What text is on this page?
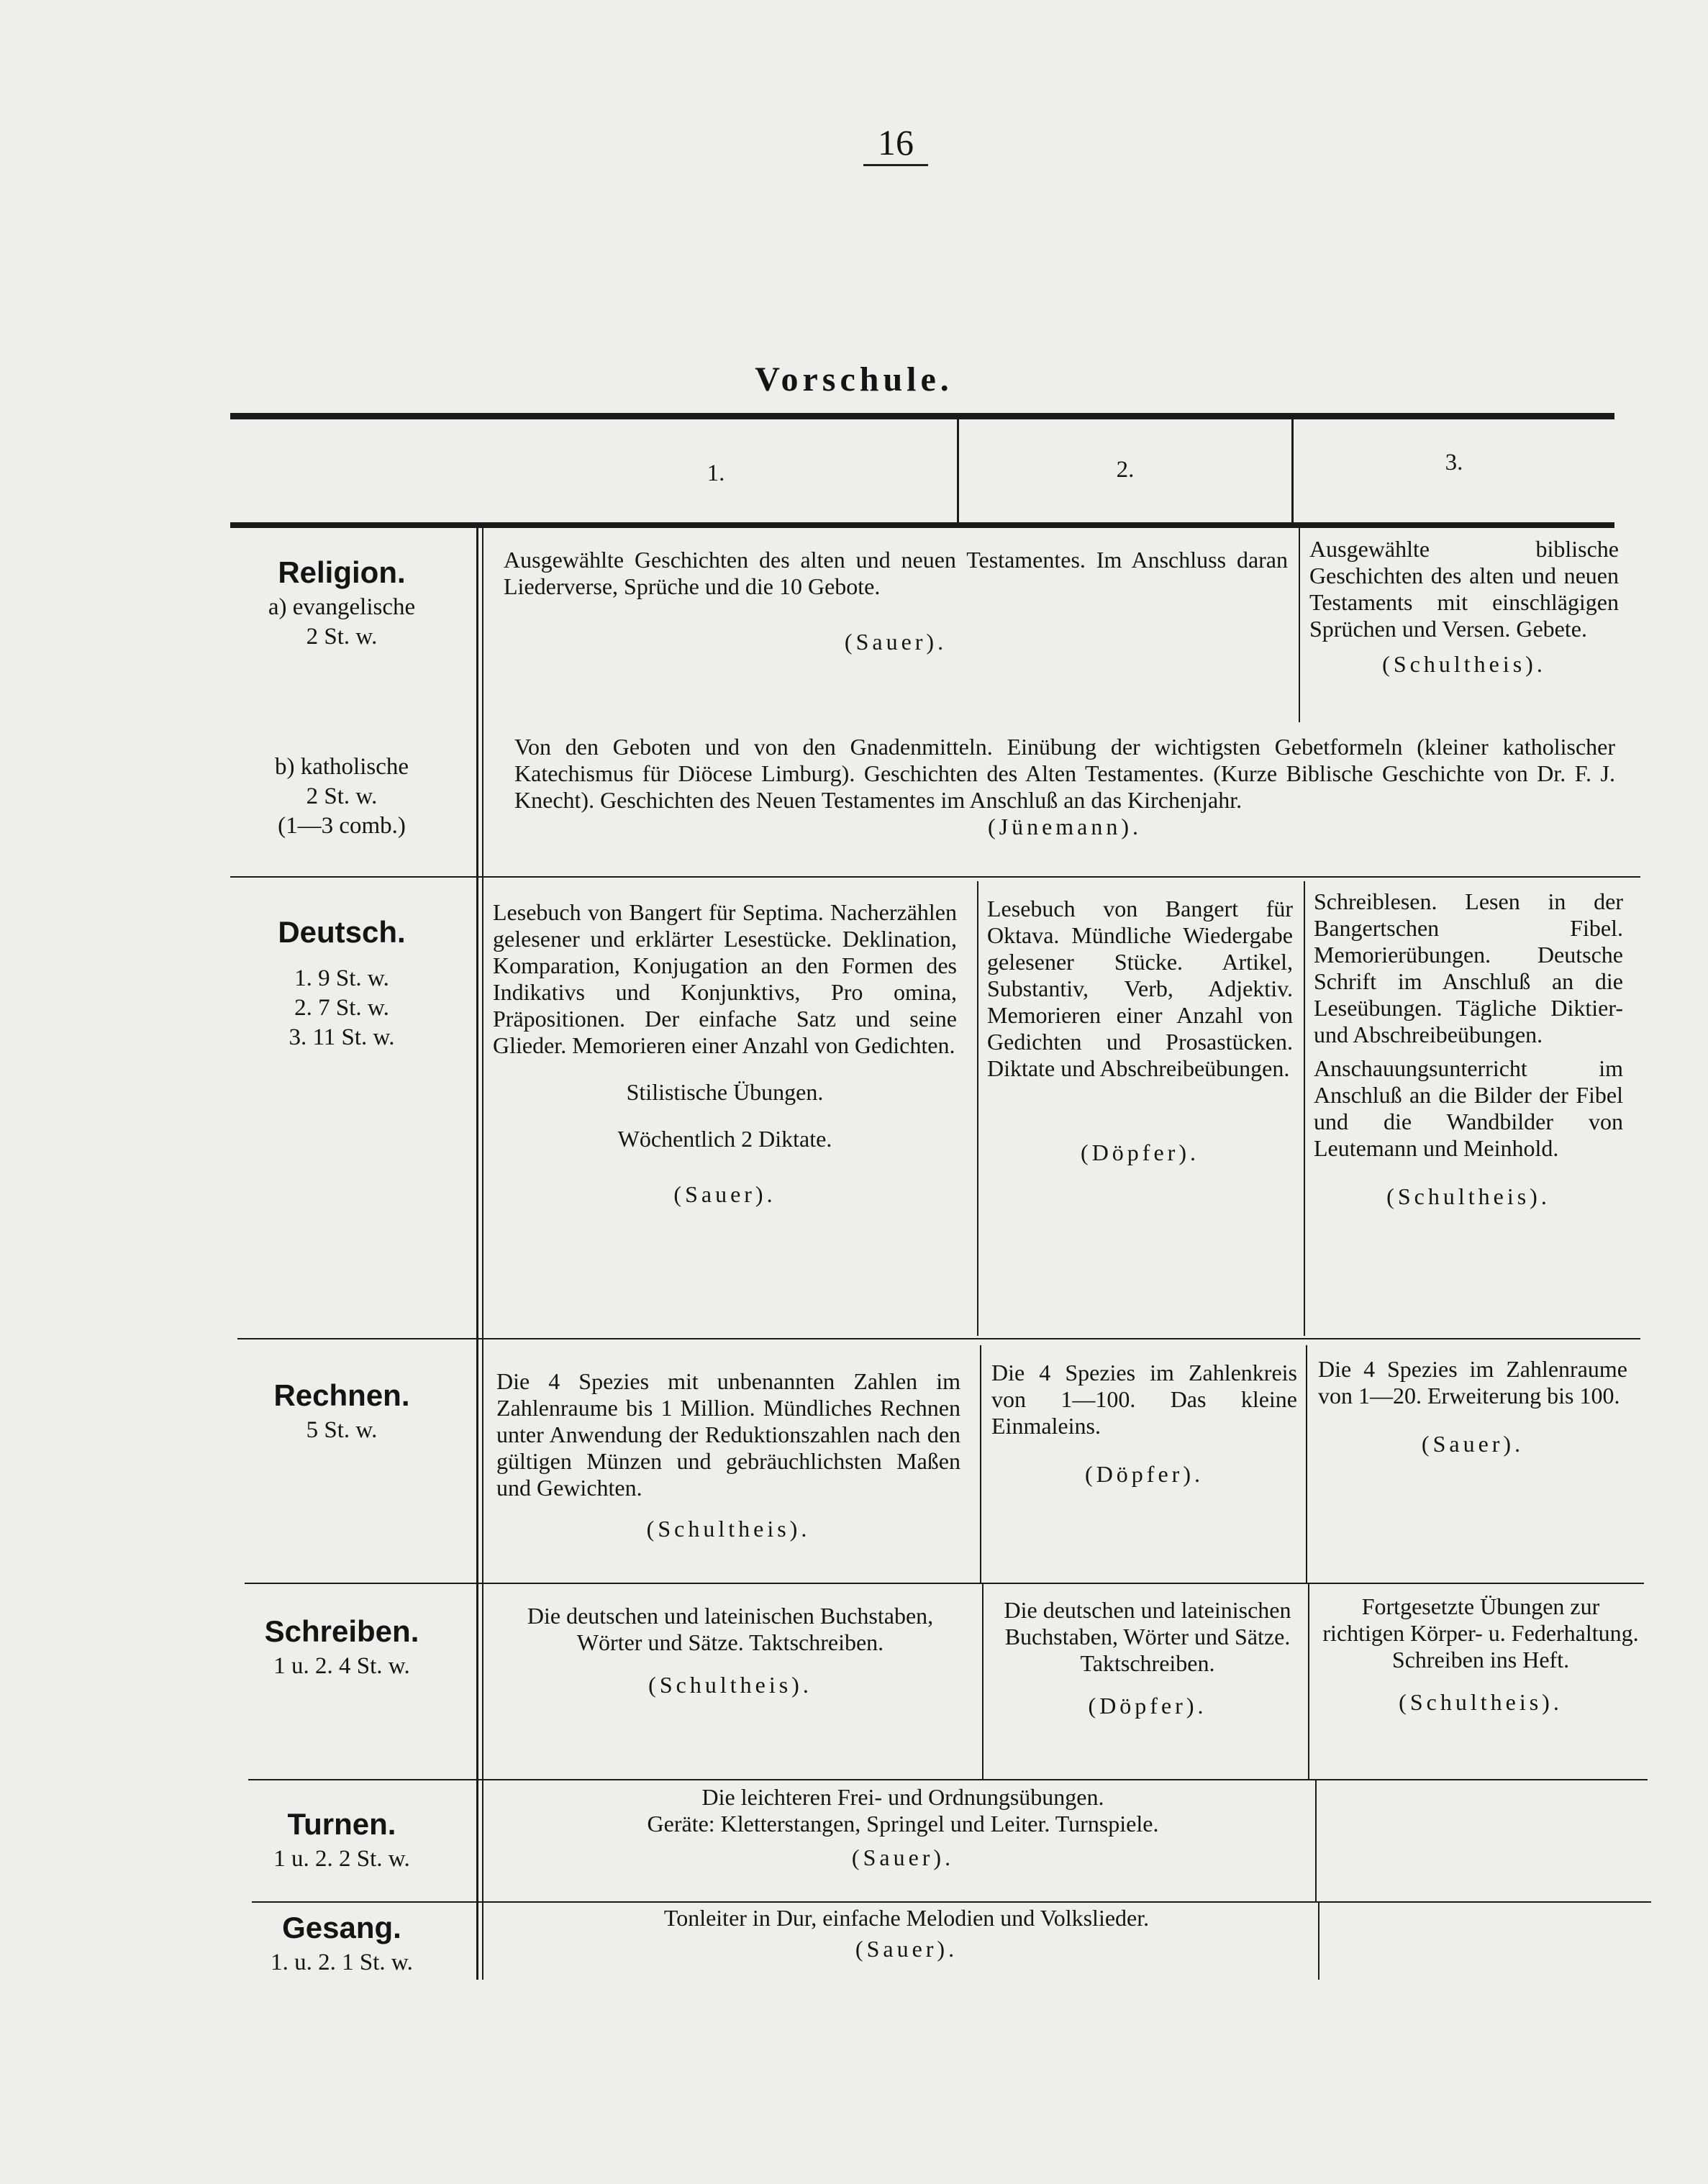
16
Vorschule.
1.	2.	3.
Religion.
a) evangelische
2 St. w.
b) katholische
2 St. w.
(1—3 comb.)

Ausgewählte Geschichten des alten und neuen Testamentes. Im Anschluss daran Liederverse, Sprüche und die 10 Gebote.

(Sauer).

Ausgewählte biblische Geschichten des alten und neuen Testaments mit einschlägigen Sprüchen und Versen. Gebete.

(Schultheis).

Von den Geboten und von den Gnadenmitteln. Einübung der wichtigsten Gebetformeln (kleiner katholischer Katechismus für Diöcese Limburg). Geschichten des Alten Testamentes. (Kurze Biblische Geschichte von Dr. F. J. Knecht). Geschichten des Neuen Testamentes im Anschluß an das Kirchenjahr.

(Jünemann).
Deutsch.
1. 9 St. w.
2. 7 St. w.
3. 11 St. w.

Lesebuch von Bangert für Septima. Nacherzählen gelesener und erklärter Lesestücke. Deklination, Komparation, Konjugation an den Formen des Indikativs und Konjunktivs, Pro omina, Präpositionen. Der einfache Satz und seine Glieder. Memorieren einer Anzahl von Gedichten.

Stilistische Übungen.

Wöchentlich 2 Diktate.

(Sauer).

Lesebuch von Bangert für Oktava. Mündliche Wiedergabe gelesener Stücke. Artikel, Substantiv, Verb, Adjektiv. Memorieren einer Anzahl von Gedichten und Prosastücken. Diktate und Abschreibeübungen.

(Döpfer).

Schreiblesen. Lesen in der Bangertschen Fibel. Memorierübungen. Deutsche Schrift im Anschluß an die Leseübungen. Tägliche Diktier- und Abschreibeübungen.

Anschauungsunterricht im Anschluß an die Bilder der Fibel und die Wandbilder von Leutemann und Meinhold.

(Schultheis).
Rechnen.
5 St. w.

Die 4 Spezies mit unbenannten Zahlen im Zahlenraume bis 1 Million. Mündliches Rechnen unter Anwendung der Reduktionszahlen nach den gültigen Münzen und gebräuchlichsten Maßen und Gewichten.

(Schultheis).

Die 4 Spezies im Zahlenkreis von 1—100. Das kleine Einmaleins.

(Döpfer).

Die 4 Spezies im Zahlenraume von 1—20. Erweiterung bis 100.

(Sauer).
Schreiben.
1 u. 2. 4 St. w.

Die deutschen und lateinischen Buchstaben, Wörter und Sätze. Taktschreiben.

(Schultheis).

Die deutschen und lateinischen Buchstaben, Wörter und Sätze. Taktschreiben.

(Döpfer).

Fortgesetzte Übungen zur richtigen Körper- u. Federhaltung. Schreiben ins Heft.

(Schultheis).
Turnen.
1 u. 2. 2 St. w.

Die leichteren Frei- und Ordnungsübungen.

Geräte: Kletterstangen, Springel und Leiter. Turnspiele.

(Sauer).
Gesang.
1. u. 2. 1 St. w.

Tonleiter in Dur, einfache Melodien und Volkslieder.

(Sauer).
